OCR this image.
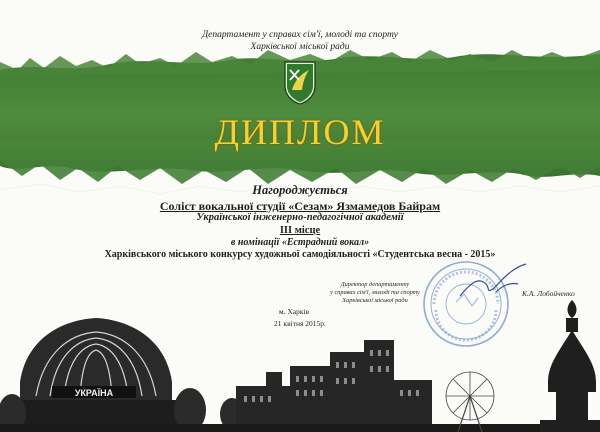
Департамент у справах сім'ї, молоді та спорту
Харківської міської ради
ДИПЛОМ
Нагороджується
Соліст вокальної студії «Сезам» Язмамедов Байрам
Української інженерно-педагогічної академії
ІІІ місце
в номінації «Естрадний вокал»
Харківського міського конкурсу художньої самодіяльності «Студентська весна - 2015»
Директор департаменту
у справах сім'ї, молоді та спорту
Харківської міської ради
К.А. Лобойченко
м. Харків
21 квітня 2015р.
УКРАЇНА
